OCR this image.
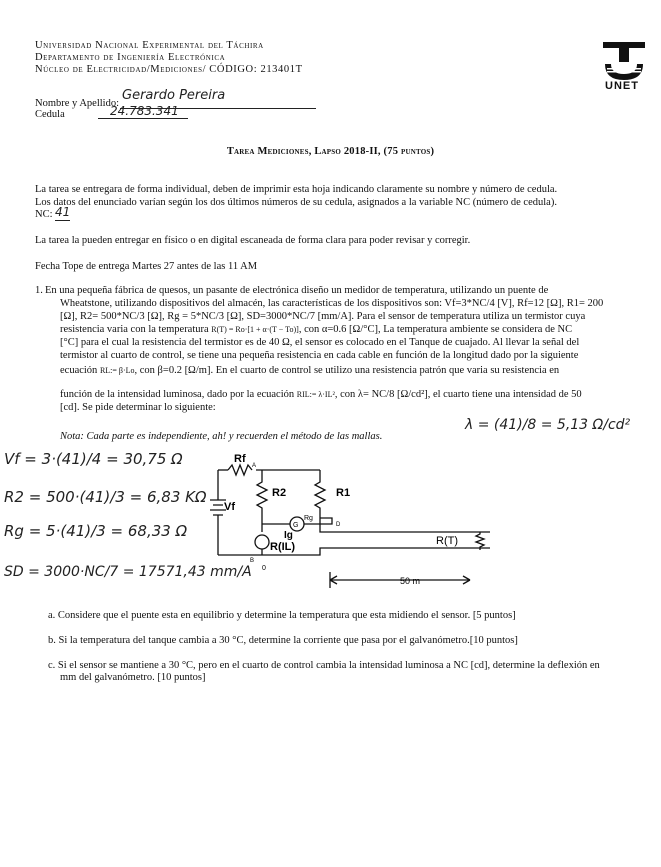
Universidad Nacional Experimental del Táchira
Departamento de Ingeniería Electrónica
Núcleo de Electricidad/Mediciones/ CÓDIGO: 213401T
UNET
Nombre y Apellido:
Gerardo Pereira
Cedula	24.783.341
Tarea Mediciones, Lapso 2018-II, (75 puntos)
La tarea se entregara de forma individual, deben de imprimir esta hoja indicando claramente su nombre y número de cedula.
Los datos del enunciado varían según los dos últimos números de su cedula, asignados a la variable NC (número de cedula).
NC: 41
La tarea la pueden entregar en físico o en digital escaneada de forma clara para poder revisar y corregir.
Fecha Tope de entrega Martes 27 antes de las 11 AM
1. En una pequeña fábrica de quesos, un pasante de electrónica diseño un medidor de temperatura, utilizando un puente de
Wheatstone, utilizando dispositivos del almacén, las características de los dispositivos son: Vf=3*NC/4 [V], Rf=12 [Ω], R1= 200
[Ω], R2= 500*NC/3 [Ω], Rg = 5*NC/3 [Ω], SD=3000*NC/7 [mm/A]. Para el sensor de temperatura utiliza un termistor cuya
resistencia varia con la temperatura R(T) = Ro·[1 + α·(T − To)], con α=0.6 [Ω/°C], La temperatura ambiente se considera de NC
[°C] para el cual la resistencia del termistor es de 40 Ω, el sensor es colocado en el Tanque de cuajado. Al llevar la señal del
termistor al cuarto de control, se tiene una pequeña resistencia en cada cable en función de la longitud dado por la siguiente
ecuación RL:= β·Lo, con β=0.2 [Ω/m]. En el cuarto de control se utilizo una resistencia patrón que varia su resistencia en
función de la intensidad luminosa, dado por la ecuación RIL:= λ·IL², con λ= NC/8 [Ω/cd²], el cuarto tiene una intensidad de 50
[cd]. Se pide determinar lo siguiente:
λ = (41)/8 = 5,13 Ω/cd²
Nota: Cada parte es independiente, ah! y recuerden el método de las mallas.
Vf = 3·(41)/4 = 30,75 Ω
R2 = 500·(41)/3 = 6,83 KΩ
Rg = 5·(41)/3 = 68,33 Ω
SD = 3000·NC/7 = 17571,43 mm/A
Rf
A
R2	R1
Vf
G
Rg
Ig
D
B
R(IL)
0
R(T)
50 m
a. Considere que el puente esta en equilibrio y determine la temperatura que esta midiendo el sensor. [5 puntos]
b. Si la temperatura del tanque cambia a 30 °C, determine la corriente que pasa por el galvanómetro.[10 puntos]
c. Si el sensor se mantiene a 30 °C, pero en el cuarto de control cambia la intensidad luminosa a NC [cd], determine la deflexión en
mm del galvanómetro. [10 puntos]
